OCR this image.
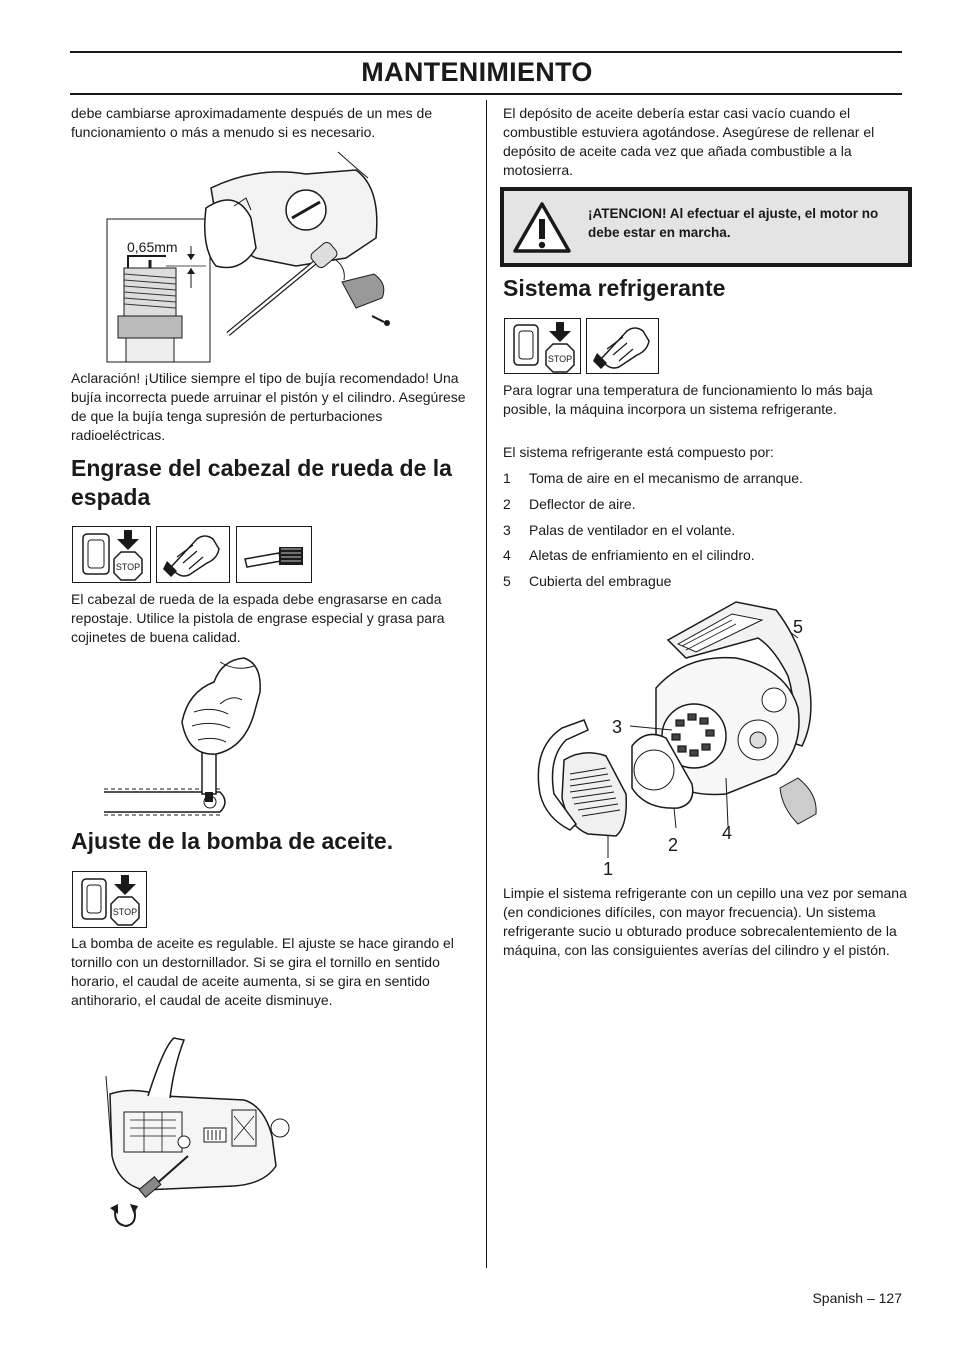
MANTENIMIENTO

debe cambiarse aproximadamente después de un mes de funcionamiento o más a menudo si es necesario.

0,65mm

Aclaración! ¡Utilice siempre el tipo de bujía recomendado! Una bujía incorrecta puede arruinar el pistón y el cilindro. Asegúrese de que la bujía tenga supresión de perturbaciones radioeléctricas.

Engrase del cabezal de rueda de la espada
STOP

El cabezal de rueda de la espada debe engrasarse en cada repostaje. Utilice la pistola de engrase especial y grasa para cojinetes de buena calidad.

Ajuste de la bomba de aceite.
STOP

La bomba de aceite es regulable. El ajuste se hace girando el tornillo con un destornillador. Si se gira el tornillo en sentido horario, el caudal de aceite aumenta, si se gira en sentido antihorario, el caudal de aceite disminuye.

El depósito de aceite debería estar casi vacío cuando el combustible estuviera agotándose. Asegúrese de rellenar el depósito de aceite cada vez que añada combustible a la motosierra.

¡ATENCION! Al efectuar el ajuste, el motor no debe estar en marcha.
Sistema refrigerante
STOP

Para lograr una temperatura de funcionamiento lo más baja posible, la máquina incorpora un sistema refrigerante.

El sistema refrigerante está compuesto por:

1 Toma de aire en el mecanismo de arranque.
2 Deflector de aire.
3 Palas de ventilador en el volante.
4 Aletas de enfriamiento en el cilindro.
5 Cubierta del embrague
3
5
2
4
1

Limpie el sistema refrigerante con un cepillo una vez por semana (en condiciones difíciles, con mayor frecuencia). Un sistema refrigerante sucio u obturado produce sobrecalentemiento de la máquina, con las consiguientes averías del cilindro y el pistón.

Spanish – 127
